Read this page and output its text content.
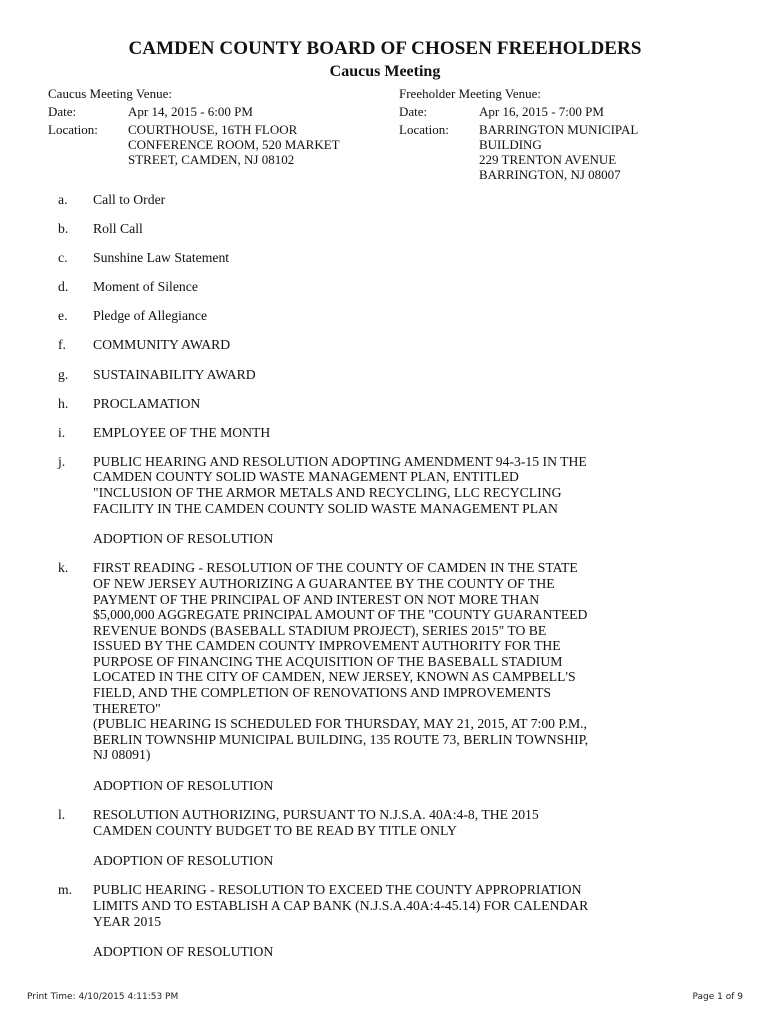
CAMDEN COUNTY BOARD OF CHOSEN FREEHOLDERS
Caucus Meeting
Caucus Meeting Venue:
Date:	Apr 14, 2015 - 6:00 PM
Location:	COURTHOUSE, 16TH FLOOR
CONFERENCE ROOM, 520 MARKET
STREET, CAMDEN, NJ 08102
Freeholder Meeting Venue:
Date:	Apr 16, 2015 - 7:00 PM
Location:	BARRINGTON MUNICIPAL
BUILDING
229 TRENTON AVENUE
BARRINGTON, NJ 08007
a.	Call to Order
b.	Roll Call
c.	Sunshine Law Statement
d.	Moment of Silence
e.	Pledge of Allegiance
f.	COMMUNITY AWARD
g.	SUSTAINABILITY AWARD
h.	PROCLAMATION
i.	EMPLOYEE OF THE MONTH
j.	PUBLIC HEARING AND RESOLUTION ADOPTING AMENDMENT 94-3-15 IN THE
CAMDEN COUNTY SOLID WASTE MANAGEMENT PLAN, ENTITLED
"INCLUSION OF THE ARMOR METALS AND RECYCLING, LLC RECYCLING
FACILITY IN THE CAMDEN COUNTY SOLID WASTE MANAGEMENT PLAN
ADOPTION OF RESOLUTION
k.	FIRST READING - RESOLUTION OF THE COUNTY OF CAMDEN IN THE STATE
OF NEW JERSEY AUTHORIZING A GUARANTEE BY THE COUNTY OF THE
PAYMENT OF THE PRINCIPAL OF AND INTEREST ON NOT MORE THAN
$5,000,000 AGGREGATE PRINCIPAL AMOUNT OF THE "COUNTY GUARANTEED
REVENUE BONDS (BASEBALL STADIUM PROJECT), SERIES 2015" TO BE
ISSUED BY THE CAMDEN COUNTY IMPROVEMENT AUTHORITY FOR THE
PURPOSE OF FINANCING THE ACQUISITION OF THE BASEBALL STADIUM
LOCATED IN THE CITY OF CAMDEN, NEW JERSEY, KNOWN AS CAMPBELL'S
FIELD, AND THE COMPLETION OF RENOVATIONS AND IMPROVEMENTS
THERETO"
(PUBLIC HEARING IS SCHEDULED FOR THURSDAY, MAY 21, 2015, AT 7:00 P.M.,
BERLIN TOWNSHIP MUNICIPAL BUILDING, 135 ROUTE 73, BERLIN TOWNSHIP,
NJ 08091)
ADOPTION OF RESOLUTION
l.	RESOLUTION AUTHORIZING, PURSUANT TO N.J.S.A. 40A:4-8, THE 2015
CAMDEN COUNTY BUDGET TO BE READ BY TITLE ONLY
ADOPTION OF RESOLUTION
m.	PUBLIC HEARING - RESOLUTION TO EXCEED THE COUNTY APPROPRIATION
LIMITS AND TO ESTABLISH A CAP BANK (N.J.S.A.40A:4-45.14) FOR CALENDAR
YEAR 2015
ADOPTION OF RESOLUTION
Print Time: 4/10/2015 4:11:53 PM	Page 1 of 9
